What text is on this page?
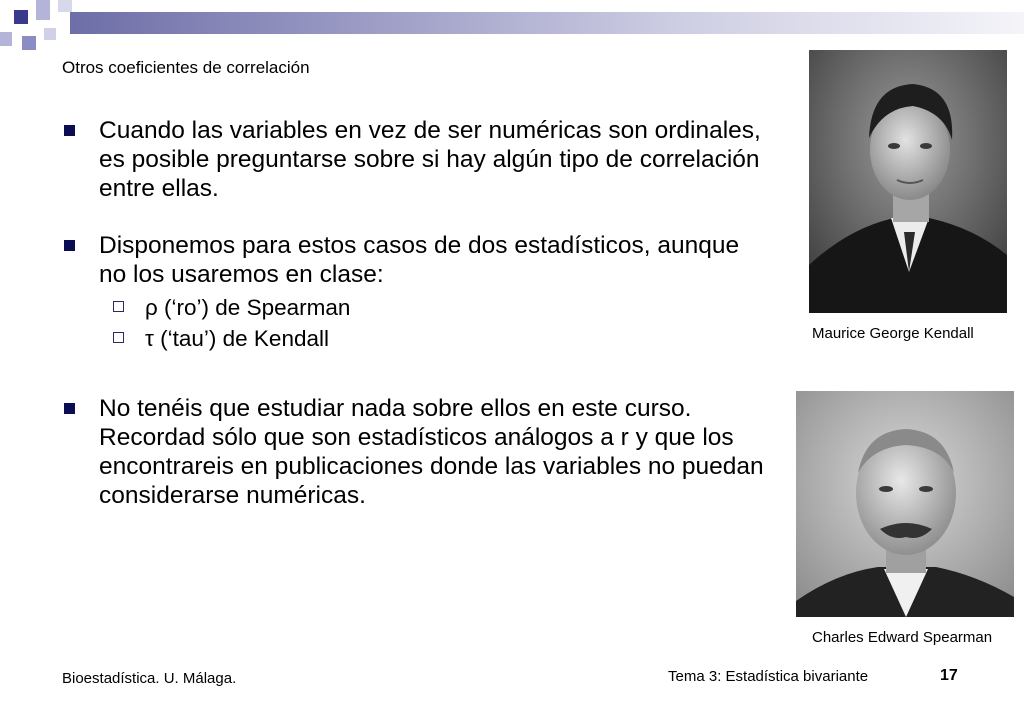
Otros coeficientes de correlación
Cuando las variables en vez de ser numéricas son ordinales, es posible preguntarse sobre si hay algún tipo de correlación entre ellas.
Disponemos para estos casos de dos estadísticos, aunque no los usaremos en clase:
ρ (‘ro’) de Spearman
τ (‘tau’) de Kendall
No tenéis que estudiar nada sobre ellos en este curso. Recordad sólo que son estadísticos análogos a r y que los encontrareis en publicaciones donde las variables no puedan considerarse numéricas.
Maurice George Kendall
Charles Edward Spearman
Bioestadística. U. Málaga.	Tema 3: Estadística bivariante	17
